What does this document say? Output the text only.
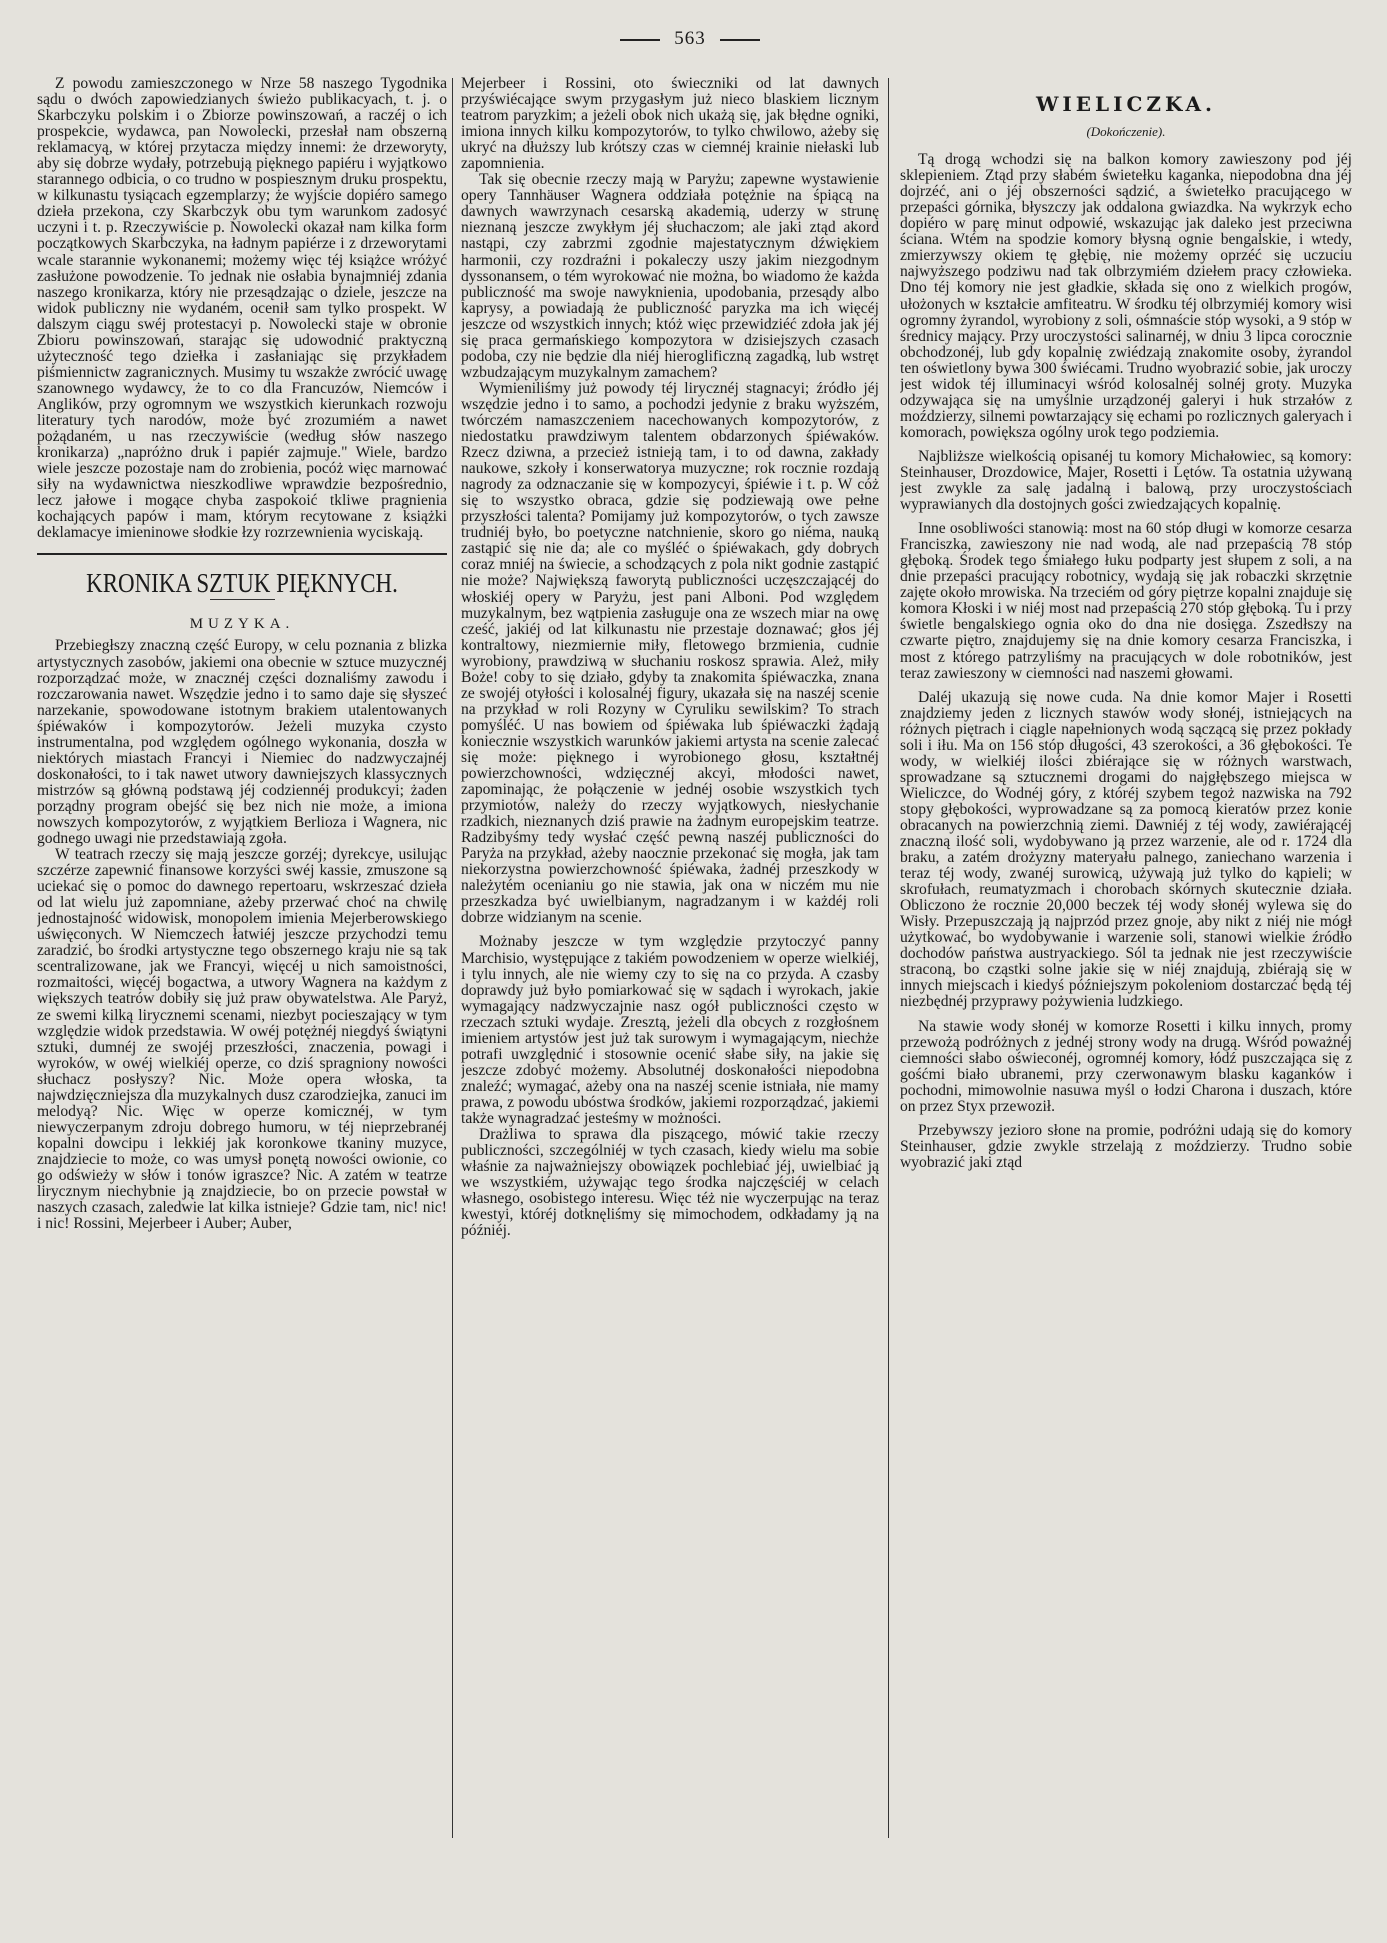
563

Z powodu zamieszczonego w Nrze 58 naszego Tygodnika sądu o dwóch zapowiedzianych świeżo publikacyach, t. j. o Skarbczyku polskim i o Zbiorze powinszowań, a raczéj o ich prospekcie, wydawca, pan Nowolecki, przesłał nam obszerną reklamacyą, w której przytacza między innemi: że drzeworyty, aby się dobrze wydały, potrzebują pięknego papiéru i wyjątkowo starannego odbicia, o co trudno w pospiesznym druku prospektu, w kilkunastu tysiącach egzemplarzy; że wyjście dopiéro samego dzieła przekona, czy Skarbczyk obu tym warunkom zadosyć uczyni i t. p. Rzeczywiście p. Nowolecki okazał nam kilka form początkowych Skarbczyka, na ładnym papiérze i z drzeworytami wcale starannie wykonanemi; możemy więc téj książce wróżyć zasłużone powodzenie. To jednak nie osłabia bynajmniéj zdania naszego kronikarza, który nie przesądzając o dziele, jeszcze na widok publiczny nie wydaném, ocenił sam tylko prospekt. W dalszym ciągu swéj protestacyi p. Nowolecki staje w obronie Zbioru powinszowań, starając się udowodnić praktyczną użyteczność tego dziełka i zasłaniając się przykładem piśmiennictw zagranicznych. Musimy tu wszakże zwrócić uwagę szanownego wydawcy, że to co dla Francuzów, Niemców i Anglików, przy ogromnym we wszystkich kierunkach rozwoju literatury tych narodów, może być zrozumiém a nawet pożądaném, u nas rzeczywiście (według słów naszego kronikarza) „napróżno druk i papiér zajmuje." Wiele, bardzo wiele jeszcze pozostaje nam do zrobienia, pocóż więc marnować siły na wydawnictwa nieszkodliwe wprawdzie bezpośrednio, lecz jałowe i mogące chyba zaspokoić tkliwe pragnienia kochających papów i mam, którym recytowane z książki deklamacye imieninowe słodkie łzy rozrzewnienia wyciskają.

KRONIKA SZTUK PIĘKNYCH.
MUZYKA.

Przebiegłszy znaczną część Europy, w celu poznania z blizka artystycznych zasobów, jakiemi ona obecnie w sztuce muzycznéj rozporządzać może, w znacznéj części doznaliśmy zawodu i rozczarowania nawet. Wszędzie jedno i to samo daje się słyszeć narzekanie, spowodowane istotnym brakiem utalentowanych śpiéwaków i kompozytorów. Jeżeli muzyka czysto instrumentalna, pod względem ogólnego wykonania, doszła w niektórych miastach Francyi i Niemiec do nadzwyczajnéj doskonałości, to i tak nawet utwory dawniejszych klassycznych mistrzów są główną podstawą jéj codziennéj produkcyi; żaden porządny program obejść się bez nich nie może, a imiona nowszych kompozytorów, z wyjątkiem Berlioza i Wagnera, nic godnego uwagi nie przedstawiają zgoła.

W teatrach rzeczy się mają jeszcze gorzéj; dyrekcye, usilując szczérze zapewnić finansowe korzyści swéj kassie, zmuszone są uciekać się o pomoc do dawnego repertoaru, wskrzeszać dzieła od lat wielu już zapomniane, ażeby przerwać choć na chwilę jednostajność widowisk, monopolem imienia Mejerberowskiego uświęconych. W Niemczech łatwiéj jeszcze przychodzi temu zaradzić, bo środki artystyczne tego obszernego kraju nie są tak scentralizowane, jak we Francyi, więcéj u nich samoistności, rozmaitości, więcéj bogactwa, a utwory Wagnera na każdym z większych teatrów dobiły się już praw obywatelstwa. Ale Paryż, ze swemi kilką lirycznemi scenami, niezbyt pocieszający w tym względzie widok przedstawia. W owéj potężnéj niegdyś świątyni sztuki, dumnéj ze swojéj przeszłości, znaczenia, powagi i wyroków, w owéj wielkiéj operze, co dziś spragniony nowości słuchacz posłyszy? Nic. Może opera włoska, ta najwdzięczniejsza dla muzykalnych dusz czarodziejka, zanuci im melodyą? Nic. Więc w operze komicznéj, w tym niewyczerpanym zdroju dobrego humoru, w téj nieprzebranéj kopalni dowcipu i lekkiéj jak koronkowe tkaniny muzyce, znajdziecie to może, co was umysł ponętą nowości owionie, co go odświeży w słów i tonów igraszce? Nic. A zatém w teatrze lirycznym niechybnie ją znajdziecie, bo on przecie powstał w naszych czasach, zaledwie lat kilka istnieje? Gdzie tam, nic! nic! i nic! Rossini, Mejerbeer i Auber; Auber,

Mejerbeer i Rossini, oto świeczniki od lat dawnych przyświécające swym przygasłym już nieco blaskiem licznym teatrom paryzkim; a jeżeli obok nich ukażą się, jak błędne ogniki, imiona innych kilku kompozytorów, to tylko chwilowo, ażeby się ukryć na dłuższy lub krótszy czas w ciemnéj krainie niełaski lub zapomnienia.

Tak się obecnie rzeczy mają w Paryżu; zapewne wystawienie opery Tannhäuser Wagnera oddziała potężnie na śpiącą na dawnych wawrzynach cesarską akademią, uderzy w strunę nieznaną jeszcze zwykłym jéj słuchaczom; ale jaki ztąd akord nastąpi, czy zabrzmi zgodnie majestatycznym dźwiękiem harmonii, czy rozdraźni i pokaleczy uszy jakim niezgodnym dyssonansem, o tém wyrokować nie można, bo wiadomo że każda publiczność ma swoje nawyknienia, upodobania, przesądy albo kaprysy, a powiadają że publiczność paryzka ma ich więcéj jeszcze od wszystkich innych; któż więc przewidziéć zdoła jak jéj się praca germańskiego kompozytora w dzisiejszych czasach podoba, czy nie będzie dla niéj hieroglificzną zagadką, lub wstręt wzbudzającym muzykalnym zamachem?

Wymieniliśmy już powody téj lirycznéj stagnacyi; źródło jéj wszędzie jedno i to samo, a pochodzi jedynie z braku wyższém, twórczém namaszczeniem nacechowanych kompozytorów, z niedostatku prawdziwym talentem obdarzonych śpiéwaków. Rzecz dziwna, a przecież istnieją tam, i to od dawna, zakłady naukowe, szkoły i konserwatorya muzyczne; rok rocznie rozdają nagrody za odznaczanie się w kompozycyi, śpiéwie i t. p. W cóż się to wszystko obraca, gdzie się podziewają owe pełne przyszłości talenta? Pomijamy już kompozytorów, o tych zawsze trudniéj było, bo poetyczne natchnienie, skoro go niéma, nauką zastąpić się nie da; ale co myśléć o śpiéwakach, gdy dobrych coraz mniéj na świecie, a schodzących z pola nikt godnie zastąpić nie może? Największą faworytą publiczności uczęszczającéj do włoskiéj opery w Paryżu, jest pani Alboni. Pod względem muzykalnym, bez wątpienia zasługuje ona ze wszech miar na owę cześć, jakiéj od lat kilkunastu nie przestaje doznawać; głos jéj kontraltowy, niezmiernie miły, fletowego brzmienia, cudnie wyrobiony, prawdziwą w słuchaniu roskosz sprawia. Ależ, miły Boże! coby to się działo, gdyby ta znakomita śpiéwaczka, znana ze swojéj otyłości i kolosalnéj figury, ukazała się na naszéj scenie na przykład w roli Rozyny w Cyruliku sewilskim? To strach pomyśléć. U nas bowiem od śpiéwaka lub śpiéwaczki żądają koniecznie wszystkich warunków jakiemi artysta na scenie zalecać się może: pięknego i wyrobionego głosu, kształtnéj powierzchowności, wdzięcznéj akcyi, młodości nawet, zapominając, że połączenie w jednéj osobie wszystkich tych przymiotów, należy do rzeczy wyjątkowych, niesłychanie rzadkich, nieznanych dziś prawie na żadnym europejskim teatrze. Radzibyśmy tedy wysłać część pewną naszéj publiczności do Paryża na przykład, ażeby naocznie przekonać się mogła, jak tam niekorzystna powierzchowność śpiéwaka, żadnéj przeszkody w należytém ocenianiu go nie stawia, jak ona w niczém mu nie przeszkadza być uwielbianym, nagradzanym i w każdéj roli dobrze widzianym na scenie.

Możnaby jeszcze w tym względzie przytoczyć panny Marchisio, występujące z takiém powodzeniem w operze wielkiéj, i tylu innych, ale nie wiemy czy to się na co przyda. A czasby doprawdy już było pomiarkować się w sądach i wyrokach, jakie wymagający nadzwyczajnie nasz ogół publiczności często w rzeczach sztuki wydaje. Zresztą, jeżeli dla obcych z rozgłośnem imieniem artystów jest już tak surowym i wymagającym, niechże potrafi uwzględnić i stosownie ocenić słabe siły, na jakie się jeszcze zdobyć możemy. Absolutnéj doskonałości niepodobna znaleźć; wymagać, ażeby ona na naszéj scenie istniała, nie mamy prawa, z powodu ubóstwa środków, jakiemi rozporządzać, jakiemi także wynagradzać jesteśmy w możności.

Drażliwa to sprawa dla piszącego, mówić takie rzeczy publiczności, szczególniéj w tych czasach, kiedy wielu ma sobie właśnie za najważniejszy obowiązek pochlebiać jéj, uwielbiać ją we wszystkiém, używając tego środka najczęściéj w celach własnego, osobistego interesu. Więc téż nie wyczerpując na teraz kwestyi, któréj dotknęliśmy się mimochodem, odkładamy ją na późniéj.

WIELICZKA.
(Dokończenie).

Tą drogą wchodzi się na balkon komory zawieszony pod jéj sklepieniem. Ztąd przy słabém świetełku kaganka, niepodobna dna jéj dojrzéć, ani o jéj obszerności sądzić, a świetełko pracującego w przepaści górnika, błyszczy jak oddalona gwiazdka. Na wykrzyk echo dopiéro w parę minut odpowié, wskazując jak daleko jest przeciwna ściana. Wtém na spodzie komory błysną ognie bengalskie, i wtedy, zmierzywszy okiem tę głębię, nie możemy oprzéć się uczuciu najwyższego podziwu nad tak olbrzymiém dziełem pracy człowieka. Dno téj komory nie jest gładkie, składa się ono z wielkich progów, ułożonych w kształcie amfiteatru. W środku téj olbrzymiéj komory wisi ogromny żyrandol, wyrobiony z soli, ośmnaście stóp wysoki, a 9 stóp w średnicy mający. Przy uroczystości salinarnéj, w dniu 3 lipca corocznie obchodzonéj, lub gdy kopalnię zwiédzają znakomite osoby, żyrandol ten oświetlony bywa 300 świécami. Trudno wyobrazić sobie, jak uroczy jest widok téj illuminacyi wśród kolosalnéj solnéj groty. Muzyka odzywająca się na umyślnie urządzonéj galeryi i huk strzałów z moździerzy, silnemi powtarzający się echami po rozlicznych galeryach i komorach, powiększa ogólny urok tego podziemia.

Najbliższe wielkością opisanéj tu komory Michałowiec, są komory: Steinhauser, Drozdowice, Majer, Rosetti i Lętów. Ta ostatnia używaną jest zwykle za salę jadalną i balową, przy uroczystościach wyprawianych dla dostojnych gości zwiedzających kopalnię.

Inne osobliwości stanowią: most na 60 stóp długi w komorze cesarza Franciszka, zawieszony nie nad wodą, ale nad przepaścią 78 stóp głęboką. Środek tego śmiałego łuku podparty jest słupem z soli, a na dnie przepaści pracujący robotnicy, wydają się jak robaczki skrzętnie zajęte około mrowiska. Na trzeciém od góry piętrze kopalni znajduje się komora Kłoski i w niéj most nad przepaścią 270 stóp głęboką. Tu i przy świetle bengalskiego ognia oko do dna nie dosięga. Zszedłszy na czwarte piętro, znajdujemy się na dnie komory cesarza Franciszka, i most z którego patrzyliśmy na pracujących w dole robotników, jest teraz zawieszony w ciemności nad naszemi głowami.

Daléj ukazują się nowe cuda. Na dnie komor Majer i Rosetti znajdziemy jeden z licznych stawów wody słonéj, istniejących na różnych piętrach i ciągle napełnionych wodą sączącą się przez pokłady soli i iłu. Ma on 156 stóp długości, 43 szerokości, a 36 głębokości. Te wody, w wielkiéj ilości zbiérające się w różnych warstwach, sprowadzane są sztucznemi drogami do najgłębszego miejsca w Wieliczce, do Wodnéj góry, z któréj szybem tegoż nazwiska na 792 stopy głębokości, wyprowadzane są za pomocą kieratów przez konie obracanych na powierzchnią ziemi. Dawniéj z téj wody, zawiérającéj znaczną ilość soli, wydobywano ją przez warzenie, ale od r. 1724 dla braku, a zatém drożyzny materyału palnego, zaniechano warzenia i teraz téj wody, zwanéj surowicą, używają już tylko do kąpieli; w skrofułach, reumatyzmach i chorobach skórnych skutecznie działa. Obliczono że rocznie 20,000 beczek téj wody słonéj wylewa się do Wisły. Przepuszczają ją najprzód przez gnoje, aby nikt z niéj nie mógł użytkować, bo wydobywanie i warzenie soli, stanowi wielkie źródło dochodów państwa austryackiego. Sól ta jednak nie jest rzeczywiście straconą, bo cząstki solne jakie się w niéj znajdują, zbiérają się w innych miejscach i kiedyś późniejszym pokoleniom dostarczać będą téj niezbędnéj przyprawy pożywienia ludzkiego.

Na stawie wody słonéj w komorze Rosetti i kilku innych, promy przewożą podróżnych z jednéj strony wody na drugą. Wśród poważnéj ciemności słabo oświeconéj, ogromnéj komory, łódź puszczająca się z gośćmi biało ubranemi, przy czerwonawym blasku kaganków i pochodni, mimowolnie nasuwa myśl o łodzi Charona i duszach, które on przez Styx przewoził.

Przebywszy jezioro słone na promie, podróżni udają się do komory Steinhauser, gdzie zwykle strzelają z moździerzy. Trudno sobie wyobrazić jaki ztąd
